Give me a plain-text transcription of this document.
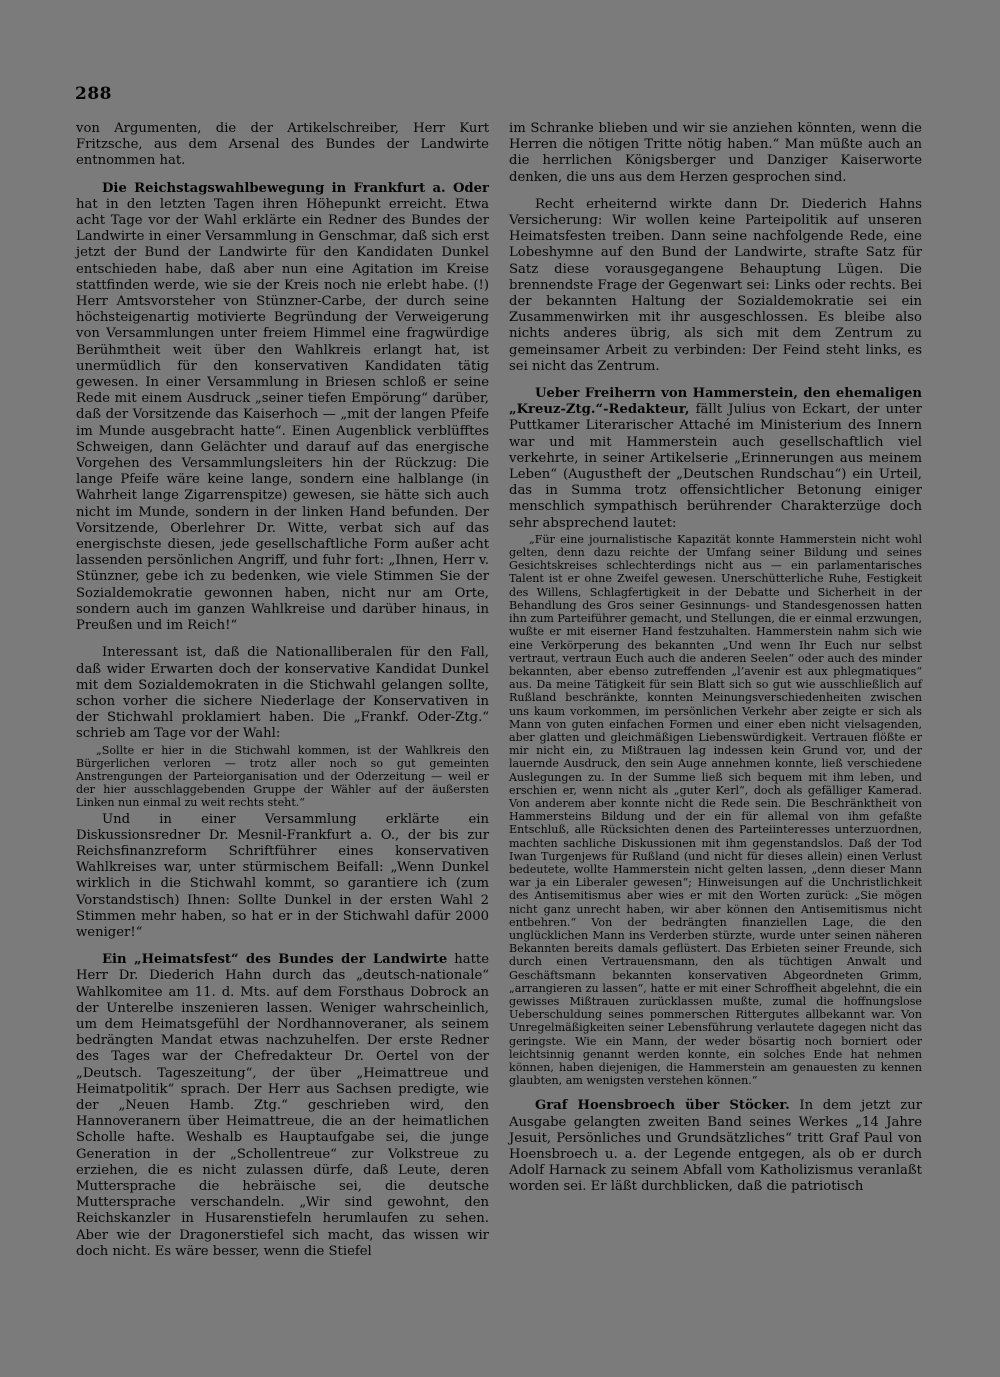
288

von Argumenten, die der Artikelschreiber, Herr Kurt Fritzsche, aus dem Arsenal des Bundes der Landwirte entnommen hat.

Die Reichstagswahlbewegung in Frankfurt a. Oder hat in den letzten Tagen ihren Höhepunkt erreicht. Etwa acht Tage vor der Wahl erklärte ein Redner des Bundes der Landwirte in einer Versammlung in Genschmar, daß sich erst jetzt der Bund der Landwirte für den Kandidaten Dunkel entschieden habe, daß aber nun eine Agitation im Kreise stattfinden werde, wie sie der Kreis noch nie erlebt habe. (!) Herr Amtsvorsteher von Stünzner-Carbe, der durch seine höchsteigenartig motivierte Begründung der Verweigerung von Versammlungen unter freiem Himmel eine fragwürdige Berühmtheit weit über den Wahlkreis erlangt hat, ist unermüdlich für den konservativen Kandidaten tätig gewesen. In einer Versammlung in Briesen schloß er seine Rede mit einem Ausdruck „seiner tiefen Empörung“ darüber, daß der Vorsitzende das Kaiserhoch — „mit der langen Pfeife im Munde ausgebracht hatte“. Einen Augenblick verblüfftes Schweigen, dann Gelächter und darauf auf das energische Vorgehen des Versammlungsleiters hin der Rückzug: Die lange Pfeife wäre keine lange, sondern eine halblange (in Wahrheit lange Zigarrenspitze) gewesen, sie hätte sich auch nicht im Munde, sondern in der linken Hand befunden. Der Vorsitzende, Oberlehrer Dr. Witte, verbat sich auf das energischste diesen, jede gesellschaftliche Form außer acht lassenden persönlichen Angriff, und fuhr fort: „Ihnen, Herr v. Stünzner, gebe ich zu bedenken, wie viele Stimmen Sie der Sozialdemokratie gewonnen haben, nicht nur am Orte, sondern auch im ganzen Wahlkreise und darüber hinaus, in Preußen und im Reich!“

Interessant ist, daß die Nationalliberalen für den Fall, daß wider Erwarten doch der konservative Kandidat Dunkel mit dem Sozialdemokraten in die Stichwahl gelangen sollte, schon vorher die sichere Niederlage der Konservativen in der Stichwahl proklamiert haben. Die „Frankf. Oder-Ztg.“ schrieb am Tage vor der Wahl:

„Sollte er hier in die Stichwahl kommen, ist der Wahlkreis den Bürgerlichen verloren — trotz aller noch so gut gemeinten Anstrengungen der Parteiorganisation und der Oderzeitung — weil er der hier ausschlaggebenden Gruppe der Wähler auf der äußersten Linken nun einmal zu weit rechts steht.“

Und in einer Versammlung erklärte ein Diskussionsredner Dr. Mesnil-Frankfurt a. O., der bis zur Reichsfinanzreform Schriftführer eines konservativen Wahlkreises war, unter stürmischem Beifall: „Wenn Dunkel wirklich in die Stichwahl kommt, so garantiere ich (zum Vorstandstisch) Ihnen: Sollte Dunkel in der ersten Wahl 2 Stimmen mehr haben, so hat er in der Stichwahl dafür 2000 weniger!“

Ein „Heimatsfest“ des Bundes der Landwirte hatte Herr Dr. Diederich Hahn durch das „deutsch-nationale“ Wahlkomitee am 11. d. Mts. auf dem Forsthaus Dobrock an der Unterelbe inszenieren lassen. Weniger wahrscheinlich, um dem Heimatsgefühl der Nordhannoveraner, als seinem bedrängten Mandat etwas nachzuhelfen. Der erste Redner des Tages war der Chefredakteur Dr. Oertel von der „Deutsch. Tageszeitung“, der über „Heimattreue und Heimatpolitik“ sprach. Der Herr aus Sachsen predigte, wie der „Neuen Hamb. Ztg.“ geschrieben wird, den Hannoveranern über Heimattreue, die an der heimatlichen Scholle hafte. Weshalb es Hauptaufgabe sei, die junge Generation in der „Schollentreue“ zur Volkstreue zu erziehen, die es nicht zulassen dürfe, daß Leute, deren Muttersprache die hebräische sei, die deutsche Muttersprache verschandeln. „Wir sind gewohnt, den Reichskanzler in Husarenstiefeln herumlaufen zu sehen. Aber wie der Dragonerstiefel sich macht, das wissen wir doch nicht. Es wäre besser, wenn die Stiefel

im Schranke blieben und wir sie anziehen könnten, wenn die Herren die nötigen Tritte nötig haben.“ Man müßte auch an die herrlichen Königsberger und Danziger Kaiserworte denken, die uns aus dem Herzen gesprochen sind.

Recht erheiternd wirkte dann Dr. Diederich Hahns Versicherung: Wir wollen keine Parteipolitik auf unseren Heimatsfesten treiben. Dann seine nachfolgende Rede, eine Lobeshymne auf den Bund der Landwirte, strafte Satz für Satz diese vorausgegangene Behauptung Lügen. Die brennendste Frage der Gegenwart sei: Links oder rechts. Bei der bekannten Haltung der Sozialdemokratie sei ein Zusammenwirken mit ihr ausgeschlossen. Es bleibe also nichts anderes übrig, als sich mit dem Zentrum zu gemeinsamer Arbeit zu verbinden: Der Feind steht links, es sei nicht das Zentrum.

Ueber Freiherrn von Hammerstein, den ehemaligen „Kreuz-Ztg.“-Redakteur, fällt Julius von Eckart, der unter Puttkamer Literarischer Attaché im Ministerium des Innern war und mit Hammerstein auch gesellschaftlich viel verkehrte, in seiner Artikelserie „Erinnerungen aus meinem Leben“ (Augustheft der „Deutschen Rundschau“) ein Urteil, das in Summa trotz offensichtlicher Betonung einiger menschlich sympathisch berührender Charakterzüge doch sehr abspreсhend lautet:

„Für eine journalistische Kapazität konnte Hammerstein nicht wohl gelten, denn dazu reichte der Umfang seiner Bildung und seines Gesichtskreises schlechterdings nicht aus — ein parlamentarisches Talent ist er ohne Zweifel gewesen. Unerschütterliche Ruhe, Festigkeit des Willens, Schlagfertigkeit in der Debatte und Sicherheit in der Behandlung des Gros seiner Gesinnungs- und Standesgenossen hatten ihn zum Parteiführer gemacht, und Stellungen, die er einmal erzwungen, wußte er mit eiserner Hand festzuhalten. Hammerstein nahm sich wie eine Verkörperung des bekannten „Und wenn Ihr Euch nur selbst vertraut, vertraun Euch auch die anderen Seelen“ oder auch des minder bekannten, aber ebenso zutreffenden „l’avenir est aux phlegmatiques“ aus. Da meine Tätigkeit für sein Blatt sich so gut wie ausschließlich auf Rußland beschränkte, konnten Meinungsverschiedenheiten zwischen uns kaum vorkommen, im persönlichen Verkehr aber zeigte er sich als Mann von guten einfachen Formen und einer eben nicht vielsagenden, aber glatten und gleichmäßigen Liebenswürdigkeit. Vertrauen flößte er mir nicht ein, zu Mißtrauen lag indessen kein Grund vor, und der lauernde Ausdruck, den sein Auge annehmen konnte, ließ verschiedene Auslegungen zu. In der Summe ließ sich bequem mit ihm leben, und erschien er, wenn nicht als „guter Kerl“, doch als gefälliger Kamerad. Von anderem aber konnte nicht die Rede sein. Die Beschränktheit von Hammersteins Bildung und der ein für allemal von ihm gefaßte Entschluß, alle Rücksichten denen des Parteiinteresses unterzuordnen, machten sachliche Diskussionen mit ihm gegenstandslos. Daß der Tod Iwan Turgenjews für Rußland (und nicht für dieses allein) einen Verlust bedeutete, wollte Hammerstein nicht gelten lassen, „denn dieser Mann war ja ein Liberaler gewesen“; Hinweisungen auf die Unchristlichkeit des Antisemitismus aber wies er mit den Worten zurück: „Sie mögen nicht ganz unrecht haben, wir aber können den Antisemitismus nicht entbehren.“ Von der bedrängten finanziellen Lage, die den unglücklichen Mann ins Verderben stürzte, wurde unter seinen näheren Bekannten bereits damals geflüstert. Das Erbieten seiner Freunde, sich durch einen Vertrauensmann, den als tüchtigen Anwalt und Geschäftsmann bekannten konservativen Abgeordneten Grimm, „arrangieren zu lassen“, hatte er mit einer Schroffheit abgelehnt, die ein gewisses Mißtrauen zurücklassen mußte, zumal die hoffnungslose Ueberschuldung seines pommerschen Rittergutes allbekannt war. Von Unregelmäßigkeiten seiner Lebensführung verlautete dagegen nicht das geringste. Wie ein Mann, der weder bösartig noch borniert oder leichtsinnig genannt werden konnte, ein solches Ende hat nehmen können, haben diejenigen, die Hammerstein am genauesten zu kennen glaubten, am wenigsten verstehen können.“

Graf Hoensbroech über Stöcker. In dem jetzt zur Ausgabe gelangten zweiten Band seines Werkes „14 Jahre Jesuit, Persönliches und Grundsätzliches“ tritt Graf Paul von Hoensbroech u. a. der Legende entgegen, als ob er durch Adolf Harnack zu seinem Abfall vom Katholizismus veranlaßt worden sei. Er läßt durchblicken, daß die patriotisch
